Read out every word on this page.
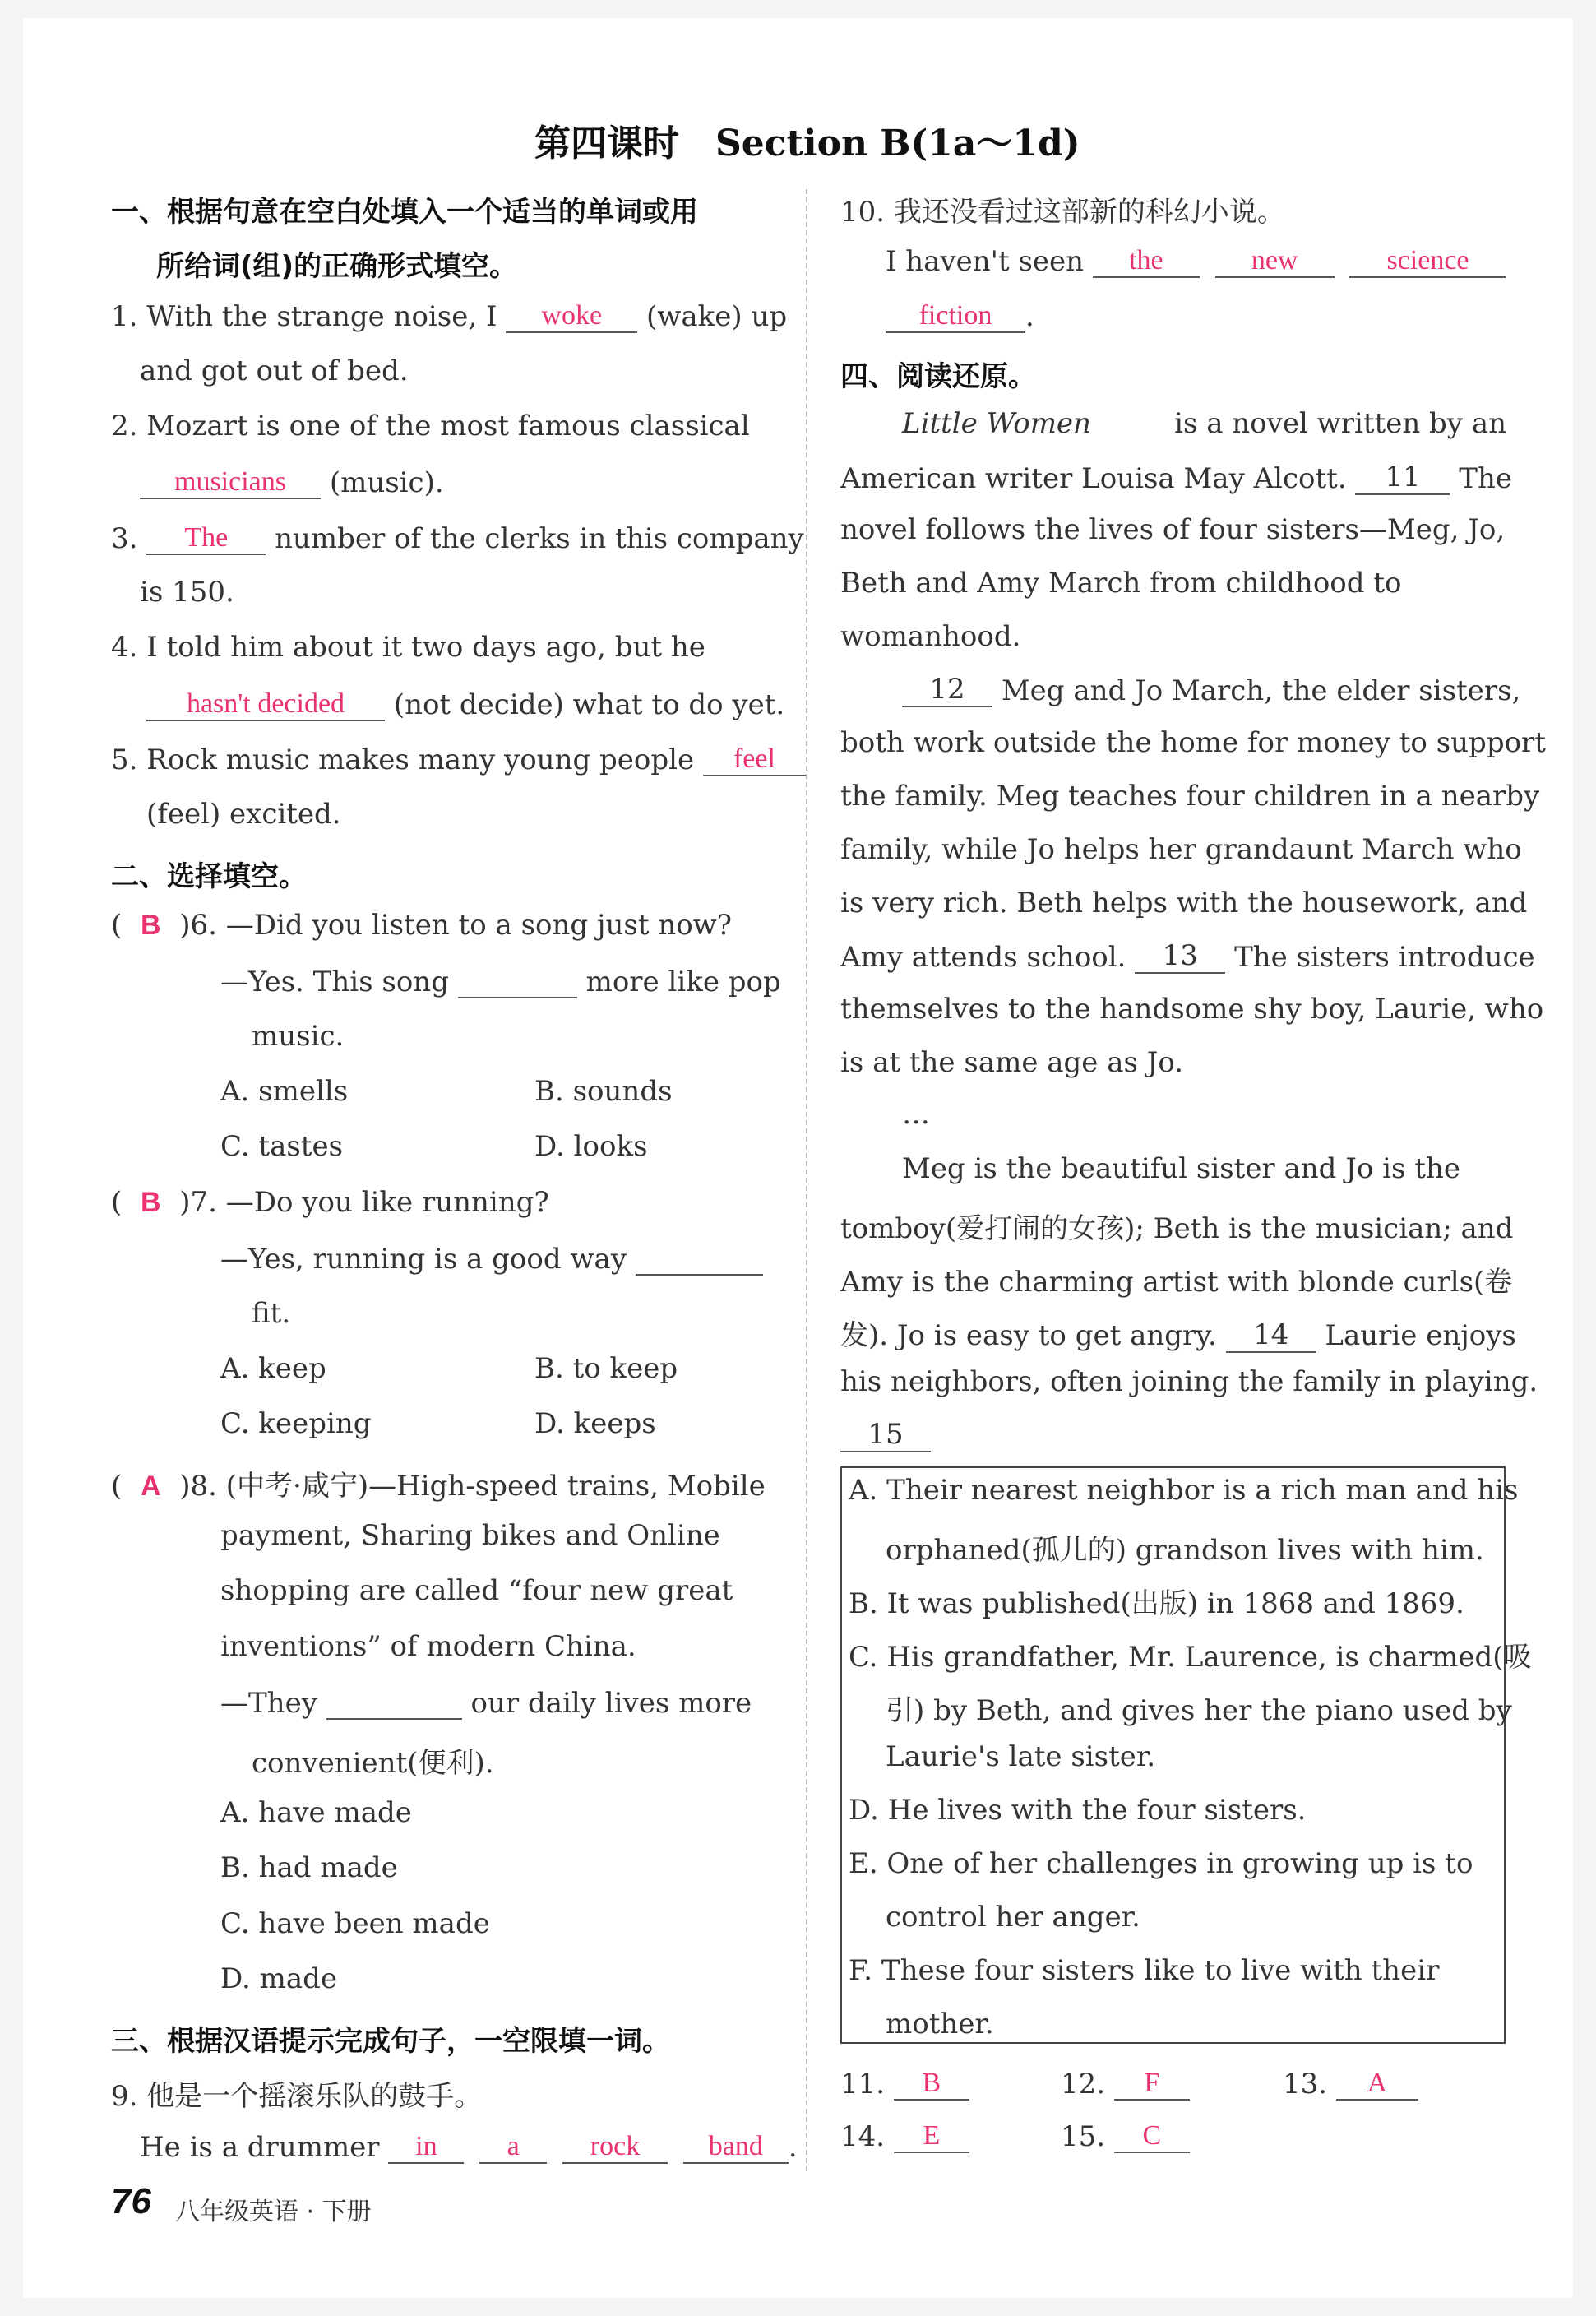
第四课时　Section B(1a～1d)
一、根据句意在空白处填入一个适当的单词或用
所给词(组)的正确形式填空。
1. With the strange noise, I woke (wake) up
and got out of bed.
2. Mozart is one of the most famous classical
musicians (music).
3. The number of the clerks in this company
is 150.
4. I told him about it two days ago, but he
hasn't decided (not decide) what to do yet.
5. Rock music makes many young people feel
(feel) excited.
二、选择填空。
( B )6. —Did you listen to a song just now?
—Yes. This song	more like pop
music.
A. smells	B. sounds
C. tastes	D. looks
( B )7. —Do you like running?
—Yes, running is a good way
fit.
A. keep	B. to keep
C. keeping	D. keeps
( A )8. (中考·咸宁)—High-speed trains, Mobile
payment, Sharing bikes and Online
shopping are called “four new great
inventions” of modern China.
—They	our daily lives more
convenient(便利).
A. have made
B. had made
C. have been made
D. made
三、根据汉语提示完成句子，一空限填一词。
9. 他是一个摇滚乐队的鼓手。
He is a drummer in	a	rock band .
10. 我还没看过这部新的科幻小说。
I haven't seen the	new	science
fiction .
四、阅读还原。
Little Women	is a novel written by an
American writer Louisa May Alcott. 11 The
novel follows the lives of four sisters—Meg, Jo,
Beth and Amy March from childhood to
womanhood.
12 Meg and Jo March, the elder sisters,
both work outside the home for money to support
the family. Meg teaches four children in a nearby
family, while Jo helps her grandaunt March who
is very rich. Beth helps with the housework, and
Amy attends school. 13 The sisters introduce
themselves to the handsome shy boy, Laurie, who
is at the same age as Jo.
…
Meg is the beautiful sister and Jo is the
tomboy(爱打闹的女孩); Beth is the musician; and
Amy is the charming artist with blonde curls(卷
发). Jo is easy to get angry. 14 Laurie enjoys
his neighbors, often joining the family in playing.
15
A. Their nearest neighbor is a rich man and his
orphaned(孤儿的) grandson lives with him.
B. It was published(出版) in 1868 and 1869.
C. His grandfather, Mr. Laurence, is charmed(吸
引) by Beth, and gives her the piano used by
Laurie's late sister.
D. He lives with the four sisters.
E. One of her challenges in growing up is to
control her anger.
F. These four sisters like to live with their
mother.
11. B	12. F	13. A
14. E	15. C
76 八年级英语 · 下册
